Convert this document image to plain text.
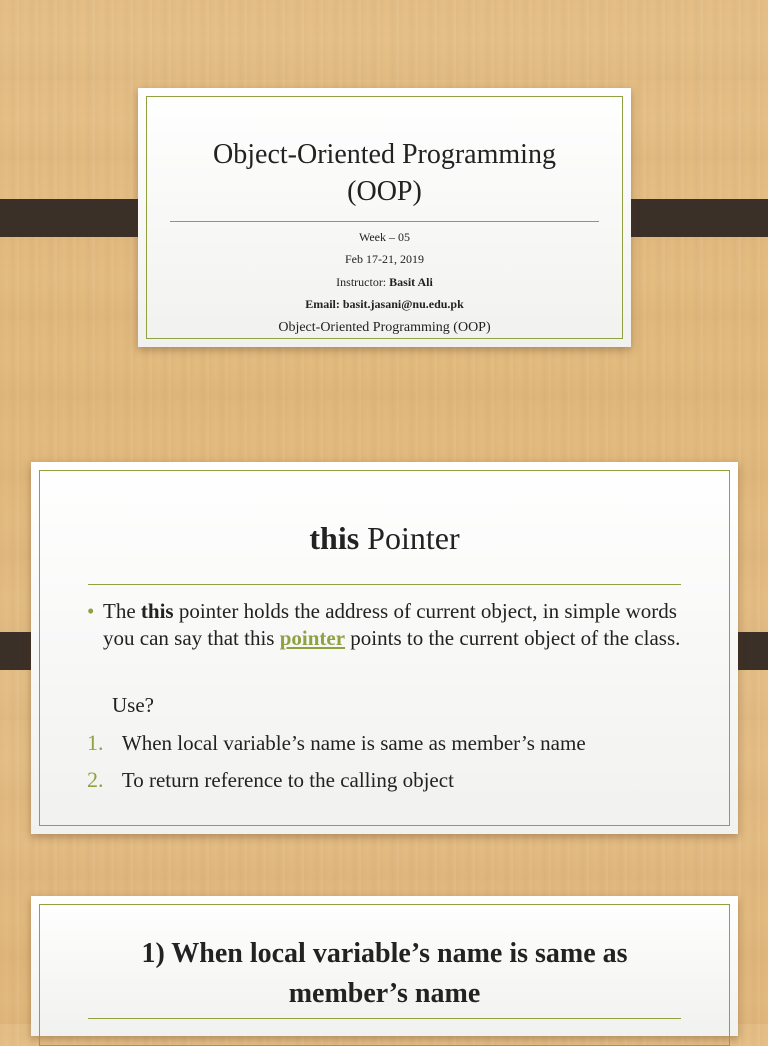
Object-Oriented Programming
(OOP)
Week – 05
Feb 17-21, 2019
Instructor: Basit Ali
Email: basit.jasani@nu.edu.pk
Object-Oriented Programming (OOP)
this Pointer
• The this pointer holds the address of current object, in simple words you can say that this pointer points to the current object of the class.
Use?
1. When local variable’s name is same as member’s name
2. To return reference to the calling object
1) When local variable’s name is same as
member’s name
